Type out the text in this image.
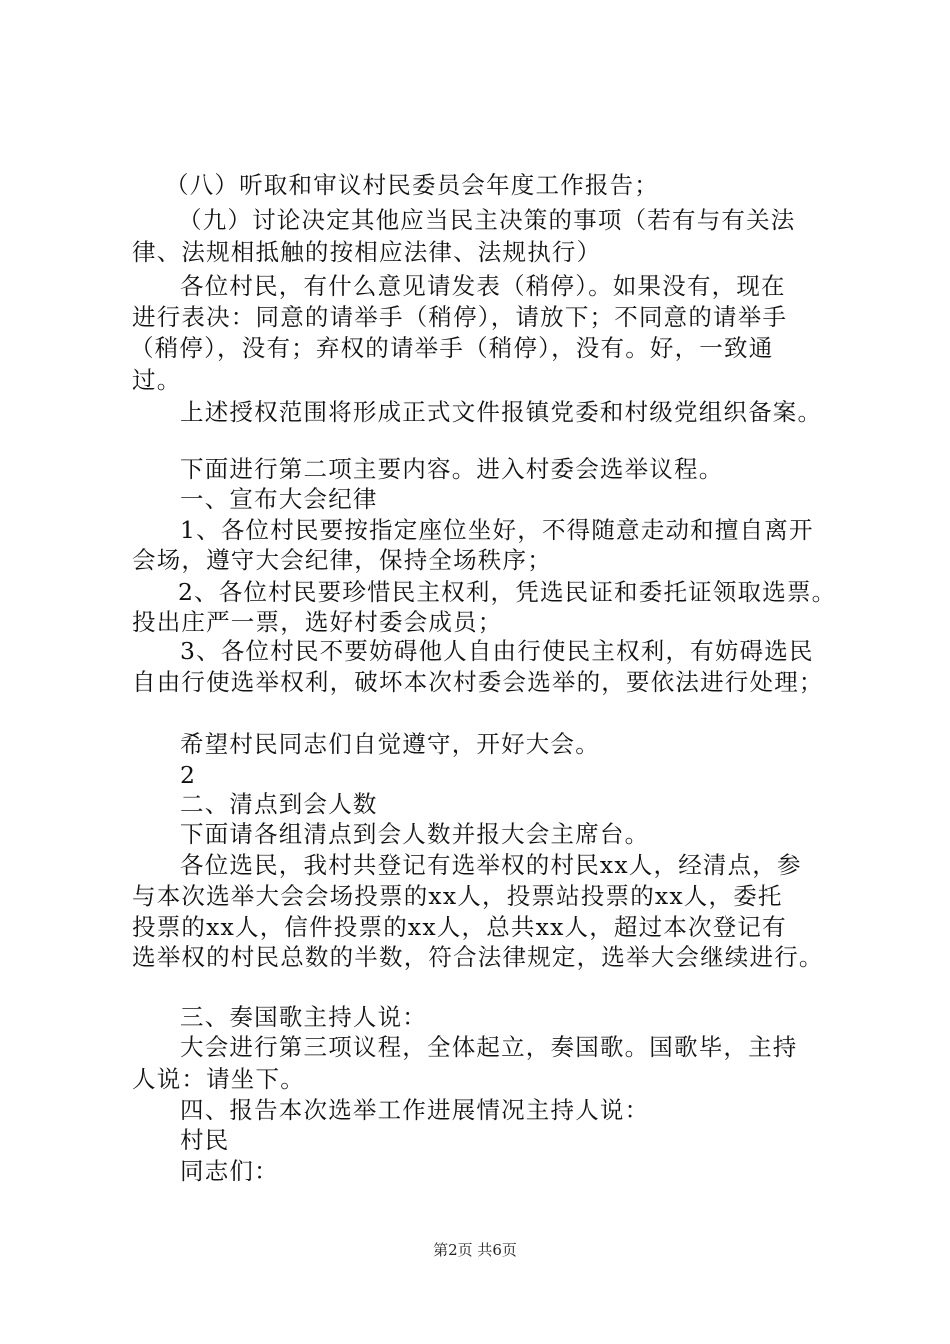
（八）听取和审议村民委员会年度工作报告；
（九）讨论决定其他应当民主决策的事项（若有与有关法
律、法规相抵触的按相应法律、法规执行）
各位村民，有什么意见请发表（稍停）。如果没有，现在
进行表决：同意的请举手（稍停），请放下；不同意的请举手
（稍停），没有；弃权的请举手（稍停），没有。好，一致通
过。
上述授权范围将形成正式文件报镇党委和村级党组织备案。
下面进行第二项主要内容。进入村委会选举议程。
一、宣布大会纪律
1、各位村民要按指定座位坐好，不得随意走动和擅自离开
会场，遵守大会纪律，保持全场秩序；
2、各位村民要珍惜民主权利，凭选民证和委托证领取选票。
投出庄严一票，选好村委会成员；
3、各位村民不要妨碍他人自由行使民主权利，有妨碍选民
自由行使选举权利，破坏本次村委会选举的，要依法进行处理；
希望村民同志们自觉遵守，开好大会。
2
二、清点到会人数
下面请各组清点到会人数并报大会主席台。
各位选民，我村共登记有选举权的村民xx人，经清点，参
与本次选举大会会场投票的xx人，投票站投票的xx人，委托
投票的xx人，信件投票的xx人，总共xx人，超过本次登记有
选举权的村民总数的半数，符合法律规定，选举大会继续进行。
三、奏国歌主持人说：
大会进行第三项议程，全体起立，奏国歌。国歌毕，主持
人说：请坐下。
四、报告本次选举工作进展情况主持人说：
村民
同志们：
第2页 共6页
